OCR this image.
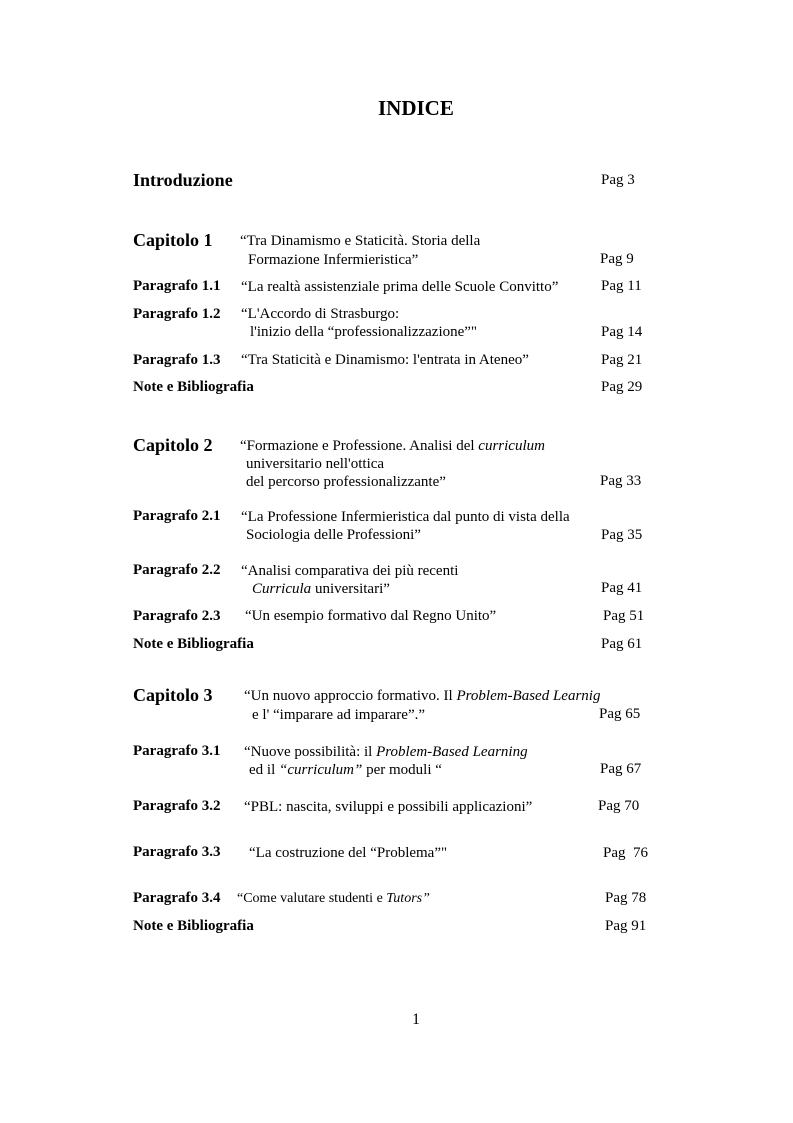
INDICE
Introduzione	Pag 3
Capitolo 1 “Tra Dinamismo e Staticità. Storia della
Formazione Infermieristica”	Pag 9
Paragrafo 1.1 “La realtà assistenziale prima delle Scuole Convitto”	Pag 11
Paragrafo 1.2 “L'Accordo di Strasburgo:
l'inizio della “professionalizzazione”"	Pag 14
Paragrafo 1.3 “Tra Staticità e Dinamismo: l'entrata in Ateneo”	Pag 21
Note e Bibliografia	Pag 29
Capitolo 2 “Formazione e Professione. Analisi del curriculum
universitario nell'ottica
del percorso professionalizzante”	Pag 33
Paragrafo 2.1 “La Professione Infermieristica dal punto di vista della
Sociologia delle Professioni”	Pag 35
Paragrafo 2.2 “Analisi comparativa dei più recenti
Curricula universitari”	Pag 41
Paragrafo 2.3 “Un esempio formativo dal Regno Unito”	Pag 51
Note e Bibliografia	Pag 61
Capitolo 3 “Un nuovo approccio formativo. Il Problem-Based Learnig
e l' “imparare ad imparare”.”	Pag 65
Paragrafo 3.1 “Nuove possibilità: il Problem-Based Learning
ed il “curriculum” per moduli “	Pag 67
Paragrafo 3.2 “PBL: nascita, sviluppi e possibili applicazioni”	Pag 70
Paragrafo 3.3 “La costruzione del “Problema”"	Pag  76
Paragrafo 3.4 “Come valutare studenti e Tutors”	Pag 78
Note e Bibliografia	Pag 91
1
